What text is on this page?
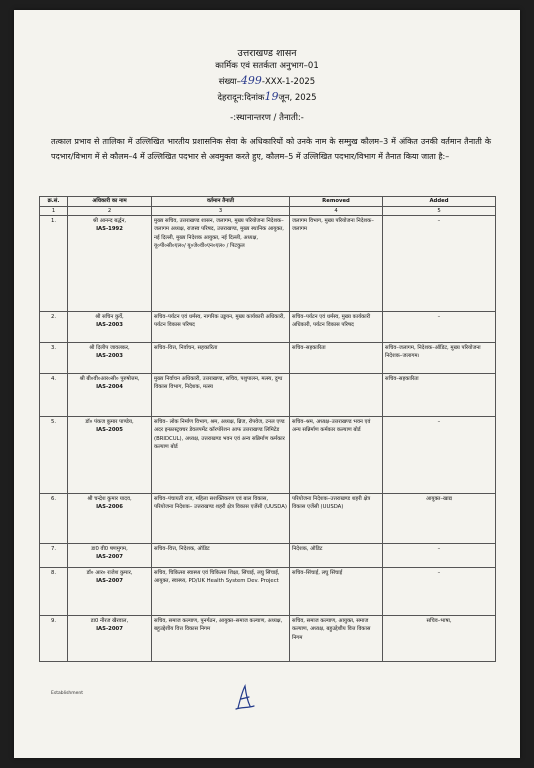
उत्तराखण्ड शासन
कार्मिक एवं सतर्कता अनुभाग–01
संख्या–499-XXX-1-2025
देहरादून:दिनांक19जून, 2025
-:स्थानान्तरण / तैनाती:-
तत्काल प्रभाव से तालिका में उल्लिखित भारतीय प्रशासनिक सेवा के अधिकारियों को उनके नाम के सम्मुख कौलम–3 में अंकित उनकी वर्तमान तैनाती के पदभार/विभाग में से कौलम–4 में उल्लिखित पदभार से अवमुक्त करते हुए, कौलम–5 में उल्लिखित पदभार/विभाग में तैनात किया जाता है:–
क्र.सं.	अधिकारी का नाम	वर्तमान तैनाती	Removed	Added
1	2	3	4	5
1.	श्री आनन्द बर्द्धन,
IAS-1992	मुख्य सचिव, उत्तराखण्ड शासन, जलागम, मुख्य परियोजना निदेशक–जलागम अध्यक्ष, राजस्व परिषद, उत्तराखण्ड, मुख्य स्थानिक आयुक्त, नई दिल्ली, मुख्य निदेशक आयुक्त, नई दिल्ली, अध्यक्ष, यू०पी०सी०एल०/ यू०जे०वी०एन०एल० / पिटकुल	जलागम विभाग, मुख्य परियोजना निदेशक–जलागम	–
2.	श्री सचिन कुर्वे,
IAS-2003	सचिव–पर्यटन एवं धर्मस्व, नागरिक उड्डयन, मुख्य कार्यकारी अधिकारी, पर्यटन विकास परिषद	सचिव–पर्यटन एवं धर्मस्व, मुख्य कार्यकारी अधिकारी, पर्यटन विकास परिषद	–
3.	श्री दिलीप जावलकर,
IAS-2003	सचिव–वित्त, निर्वाचन, सहकारिता	सचिव–सहकारिता	सचिव–जलागम, निदेशक–ऑडिट, मुख्य परियोजना निदेशक–जलागम।
4.	श्री बी०वी०आर०सी० पुरुषोत्तम,
IAS-2004	मुख्य निर्वाचन अधिकारी, उत्तराखण्ड, सचिव, पशुपालन, मत्स्य, दुग्ध विकास विभाग, निदेशक, मत्स्य		सचिव–सहकारिता
5.	डॉ० पंकज कुमार पाण्डेय,
IAS-2005	सचिव– लोक निर्माण विभाग, श्रम, अध्यक्ष, ब्रिज, रोपवेज, टनल एण्ड अदर इन्फ्रास्ट्रक्चर डेवलपमेंट कॉरपोरेशन आफ उत्तराखण्ड लिमिटेड (BRIDCUL), अध्यक्ष, उत्तराखण्ड भवन एवं अन्य सन्निर्माण कर्मकार कल्याण बोर्ड	सचिव–श्रम, अध्यक्ष–उत्तराखण्ड भवन एवं अन्य सन्निर्माण कर्मकार कल्याण बोर्ड	–
6.	श्री चन्द्रेश कुमार यादव,
IAS-2006	सचिव–पंचायती राज, महिला सशक्तिकरण एवं बाल विकास, परियोजना निदेशक– उत्तराखण्ड शहरी क्षेत्र विकास एजेंसी (UUSDA)	परियोजना निदेशक–उत्तराखण्ड शहरी क्षेत्र विकास एजेंसी (UUSDA)	आयुक्त–खाद्य
7.	डा0 वी0 षणमुगम,
IAS-2007	सचिव–वित्त, निदेशक, ऑडिट	निदेशक, ऑडिट	–
8.	डॉ० आर० राजेश कुमार,
IAS-2007	सचिव, चिकित्सा स्वास्थ्य एवं चिकित्सा शिक्षा, सिंचाई, लघु सिंचाई, आयुक्त, स्वास्थ्य, PD/UK Health System Dev. Project	सचिव–सिंचाई, लघु सिंचाई	–
9.	डा0 नीरज खैरवाल,
IAS-2007	सचिव, समाज कल्याण, पुनर्गठन, आयुक्त–समाज कल्याण, अध्यक्ष, बहुउद्देशीय वित्त विकास निगम	सचिव, समाज कल्याण, आयुक्त, समाज कल्याण, अध्यक्ष, बहुउद्देशीय वित्त विकास निगम	सचिव–भाषा,
Establishment
